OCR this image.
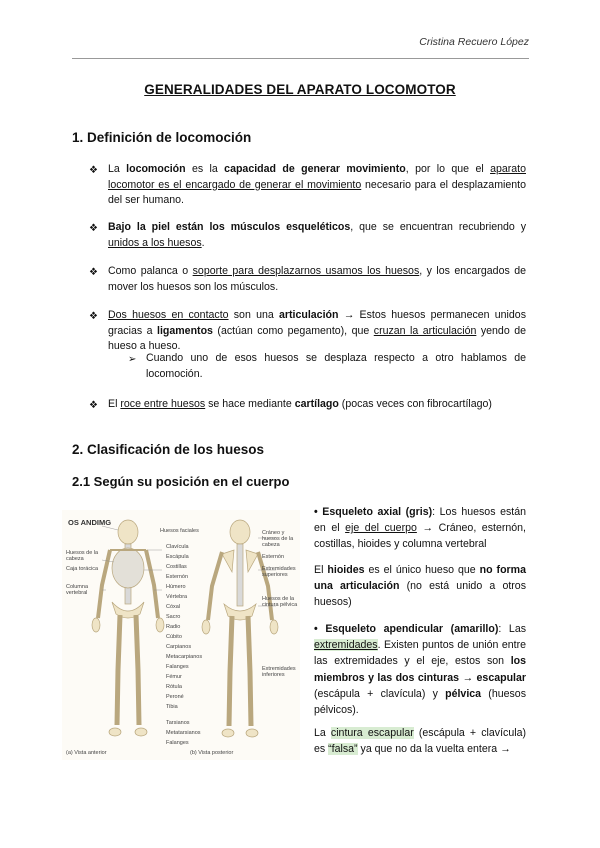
Cristina Recuero López
GENERALIDADES DEL APARATO LOCOMOTOR
1. Definición de locomoción
❖ La locomoción es la capacidad de generar movimiento, por lo que el aparato locomotor es el encargado de generar el movimiento necesario para el desplazamiento del ser humano.
❖ Bajo la piel están los músculos esqueléticos, que se encuentran recubriendo y unidos a los huesos.
❖ Como palanca o soporte para desplazarnos usamos los huesos, y los encargados de mover los huesos son los músculos.
❖ Dos huesos en contacto son una articulación → Estos huesos permanecen unidos gracias a ligamentos (actúan como pegamento), que cruzan la articulación yendo de hueso a hueso.
➢ Cuando uno de esos huesos se desplaza respecto a otro hablamos de locomoción.
❖ El roce entre huesos se hace mediante cartílago (pocas veces con fibrocartílago)
2. Clasificación de los huesos
2.1 Según su posición en el cuerpo
OS ANDIMG
(a) Vista anterior	(b) Vista posterior
Huesos de la cabeza
Huesos faciales
Clavícula
Escápula
Costillas
Esternón
Húmero
Vértebra
Cóxal
Sacro
Radio
Cúbito
Carpianos
Metacarpianos
Falanges
Fémur
Rótula
Peroné
Tibia
Tarsianos
Metatarsianos
Falanges
Cráneo y huesos de la cabeza
Columna vertebral
Caja torácica
Esternón
Extremidades superiores
Huesos de la cintura pélvica
Extremidades inferiores
• Esqueleto axial (gris): Los huesos están en el eje del cuerpo → Cráneo, esternón, costillas, hioides y columna vertebral
El hioides es el único hueso que no forma una articulación (no está unido a otros huesos)
• Esqueleto apendicular (amarillo): Las extremidades. Existen puntos de unión entre las extremidades y el eje, estos son los miembros y las dos cinturas → escapular (escápula + clavícula) y pélvica (huesos pélvicos).
La cintura escapular (escápula + clavícula) es “falsa” ya que no da la vuelta entera →
